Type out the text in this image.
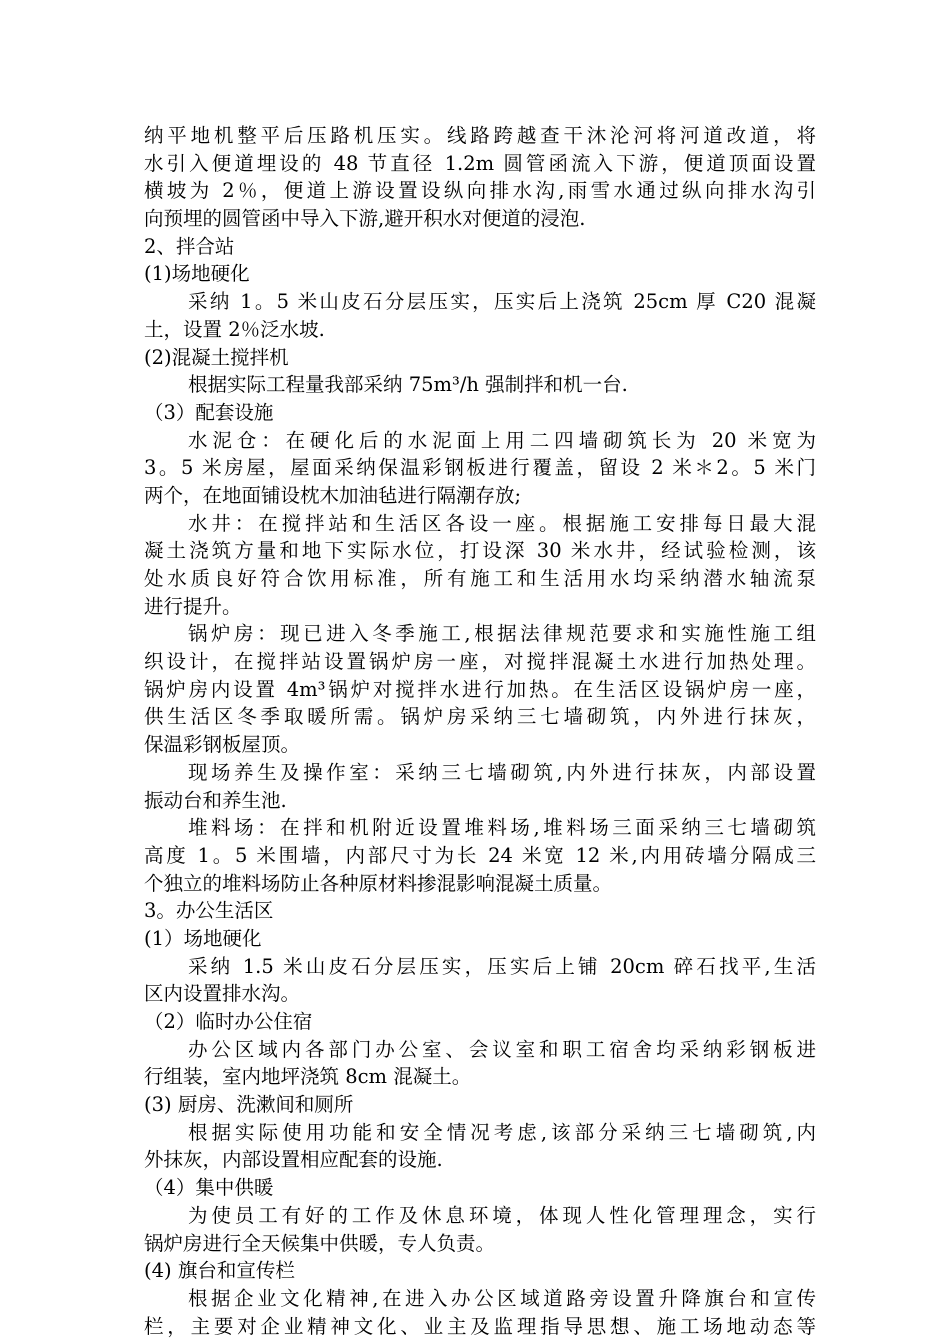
纳平地机整平后压路机压实。线路跨越查干沐沦河将河道改道，将
水引入便道埋设的 48 节直径 1.2m 圆管函流入下游，便道顶面设置
横坡为 2％，便道上游设置设纵向排水沟,雨雪水通过纵向排水沟引
向预埋的圆管函中导入下游,避开积水对便道的浸泡.
2、拌合站
(1)场地硬化
采纳 1。5 米山皮石分层压实，压实后上浇筑 25cm 厚 C20 混凝
土，设置 2％泛水坡.
(2)混凝土搅拌机
根据实际工程量我部采纳 75m³/h 强制拌和机一台.
（3）配套设施
水泥仓：在硬化后的水泥面上用二四墙砌筑长为 20 米宽为
3。5 米房屋，屋面采纳保温彩钢板进行覆盖，留设 2 米＊2。5 米门
两个，在地面铺设枕木加油毡进行隔潮存放;
水井：在搅拌站和生活区各设一座。根据施工安排每日最大混
凝土浇筑方量和地下实际水位，打设深 30 米水井，经试验检测，该
处水质良好符合饮用标准，所有施工和生活用水均采纳潜水轴流泵
进行提升。
锅炉房：现已进入冬季施工,根据法律规范要求和实施性施工组
织设计，在搅拌站设置锅炉房一座，对搅拌混凝土水进行加热处理。
锅炉房内设置 4m³锅炉对搅拌水进行加热。在生活区设锅炉房一座，
供生活区冬季取暖所需。锅炉房采纳三七墙砌筑，内外进行抹灰，
保温彩钢板屋顶。
现场养生及操作室：采纳三七墙砌筑,内外进行抹灰，内部设置
振动台和养生池.
堆料场：在拌和机附近设置堆料场,堆料场三面采纳三七墙砌筑
高度 1。5 米围墙，内部尺寸为长 24 米宽 12 米,内用砖墙分隔成三
个独立的堆料场防止各种原材料掺混影响混凝土质量。
3。办公生活区
(1）场地硬化
采纳 1.5 米山皮石分层压实，压实后上铺 20cm 碎石找平,生活
区内设置排水沟。
（2）临时办公住宿
办公区域内各部门办公室、会议室和职工宿舍均采纳彩钢板进
行组装，室内地坪浇筑 8cm 混凝土。
(3) 厨房、洗漱间和厕所
根据实际使用功能和安全情况考虑,该部分采纳三七墙砌筑,内
外抹灰，内部设置相应配套的设施.
（4）集中供暖
为使员工有好的工作及休息环境，体现人性化管理理念，实行
锅炉房进行全天候集中供暖，专人负责。
(4) 旗台和宣传栏
根据企业文化精神,在进入办公区域道路旁设置升降旗台和宣传
栏，主要对企业精神文化、业主及监理指导思想、施工场地动态等
